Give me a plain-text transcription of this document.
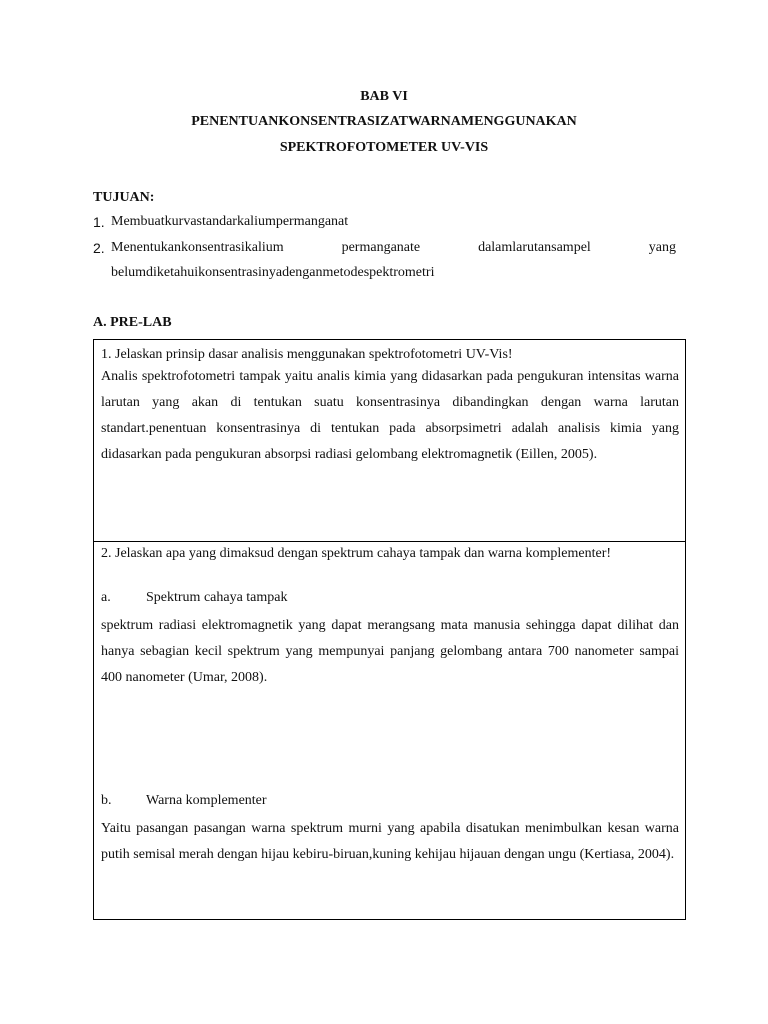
BAB VI
PENENTUANKONSENTRASIZATWARNAMENGGUNAKAN
SPEKTROFOTOMETER UV-VIS
TUJUAN:
1. Membuatkurvastandarkaliumpermanganat
2. Menentukankonsentrasikalium	permanganate	dalamlarutansampel	yang
belumdiketahuikonsentrasinyadenganmetodespektrometri
A. PRE-LAB
1. Jelaskan prinsip dasar analisis menggunakan spektrofotometri UV-Vis!
Analis spektrofotometri tampak yaitu analis kimia yang didasarkan pada pengukuran intensitas warna larutan yang akan di tentukan suatu konsentrasinya dibandingkan dengan warna larutan standart.penentuan konsentrasinya di tentukan pada absorpsimetri adalah analisis kimia yang didasarkan pada pengukuran absorpsi radiasi gelombang elektromagnetik (Eillen, 2005).
2. Jelaskan apa yang dimaksud dengan spektrum cahaya tampak dan warna komplementer!
a.	Spektrum cahaya tampak
spektrum radiasi elektromagnetik yang dapat merangsang mata manusia sehingga dapat dilihat dan hanya sebagian kecil spektrum yang mempunyai panjang gelombang antara 700 nanometer sampai 400 nanometer (Umar, 2008).
b. Warna komplementer
Yaitu pasangan pasangan warna spektrum murni yang apabila disatukan menimbulkan kesan warna putih semisal merah dengan hijau kebiru-biruan,kuning kehijau hijauan dengan ungu (Kertiasa, 2004).
